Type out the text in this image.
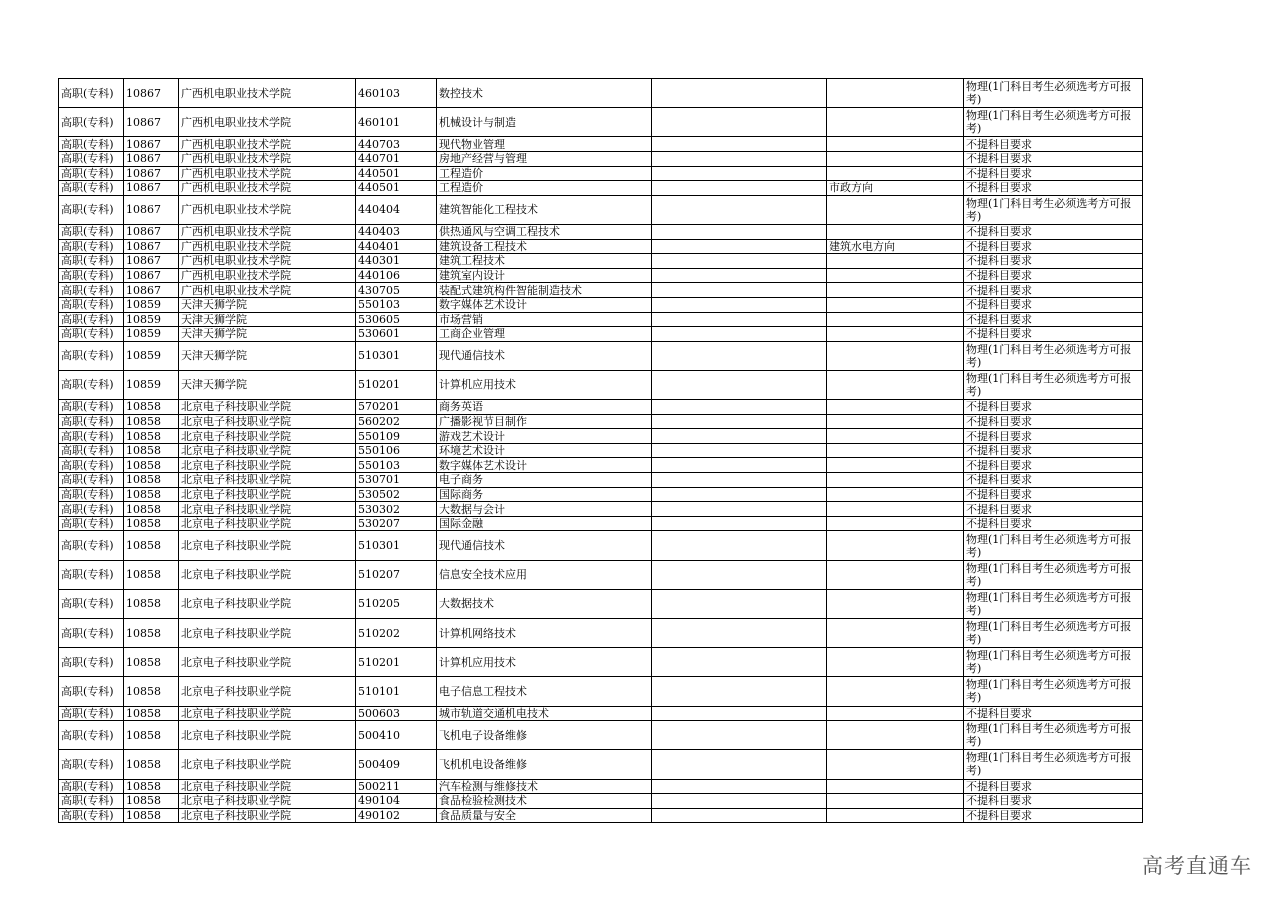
高职(专科)	10867	广西机电职业技术学院	460103	数控技术			物理(1门科目考生必须选考方可报考)
高职(专科)	10867	广西机电职业技术学院	460101	机械设计与制造			物理(1门科目考生必须选考方可报考)
高职(专科)	10867	广西机电职业技术学院	440703	现代物业管理			不提科目要求
高职(专科)	10867	广西机电职业技术学院	440701	房地产经营与管理			不提科目要求
高职(专科)	10867	广西机电职业技术学院	440501	工程造价			不提科目要求
高职(专科)	10867	广西机电职业技术学院	440501	工程造价		市政方向	不提科目要求
高职(专科)	10867	广西机电职业技术学院	440404	建筑智能化工程技术			物理(1门科目考生必须选考方可报考)
高职(专科)	10867	广西机电职业技术学院	440403	供热通风与空调工程技术			不提科目要求
高职(专科)	10867	广西机电职业技术学院	440401	建筑设备工程技术		建筑水电方向	不提科目要求
高职(专科)	10867	广西机电职业技术学院	440301	建筑工程技术			不提科目要求
高职(专科)	10867	广西机电职业技术学院	440106	建筑室内设计			不提科目要求
高职(专科)	10867	广西机电职业技术学院	430705	装配式建筑构件智能制造技术			不提科目要求
高职(专科)	10859	天津天狮学院	550103	数字媒体艺术设计			不提科目要求
高职(专科)	10859	天津天狮学院	530605	市场营销			不提科目要求
高职(专科)	10859	天津天狮学院	530601	工商企业管理			不提科目要求
高职(专科)	10859	天津天狮学院	510301	现代通信技术			物理(1门科目考生必须选考方可报考)
高职(专科)	10859	天津天狮学院	510201	计算机应用技术			物理(1门科目考生必须选考方可报考)
高职(专科)	10858	北京电子科技职业学院	570201	商务英语			不提科目要求
高职(专科)	10858	北京电子科技职业学院	560202	广播影视节目制作			不提科目要求
高职(专科)	10858	北京电子科技职业学院	550109	游戏艺术设计			不提科目要求
高职(专科)	10858	北京电子科技职业学院	550106	环境艺术设计			不提科目要求
高职(专科)	10858	北京电子科技职业学院	550103	数字媒体艺术设计			不提科目要求
高职(专科)	10858	北京电子科技职业学院	530701	电子商务			不提科目要求
高职(专科)	10858	北京电子科技职业学院	530502	国际商务			不提科目要求
高职(专科)	10858	北京电子科技职业学院	530302	大数据与会计			不提科目要求
高职(专科)	10858	北京电子科技职业学院	530207	国际金融			不提科目要求
高职(专科)	10858	北京电子科技职业学院	510301	现代通信技术			物理(1门科目考生必须选考方可报考)
高职(专科)	10858	北京电子科技职业学院	510207	信息安全技术应用			物理(1门科目考生必须选考方可报考)
高职(专科)	10858	北京电子科技职业学院	510205	大数据技术			物理(1门科目考生必须选考方可报考)
高职(专科)	10858	北京电子科技职业学院	510202	计算机网络技术			物理(1门科目考生必须选考方可报考)
高职(专科)	10858	北京电子科技职业学院	510201	计算机应用技术			物理(1门科目考生必须选考方可报考)
高职(专科)	10858	北京电子科技职业学院	510101	电子信息工程技术			物理(1门科目考生必须选考方可报考)
高职(专科)	10858	北京电子科技职业学院	500603	城市轨道交通机电技术			不提科目要求
高职(专科)	10858	北京电子科技职业学院	500410	飞机电子设备维修			物理(1门科目考生必须选考方可报考)
高职(专科)	10858	北京电子科技职业学院	500409	飞机机电设备维修			物理(1门科目考生必须选考方可报考)
高职(专科)	10858	北京电子科技职业学院	500211	汽车检测与维修技术			不提科目要求
高职(专科)	10858	北京电子科技职业学院	490104	食品检验检测技术			不提科目要求
高职(专科)	10858	北京电子科技职业学院	490102	食品质量与安全			不提科目要求
高考直通车
